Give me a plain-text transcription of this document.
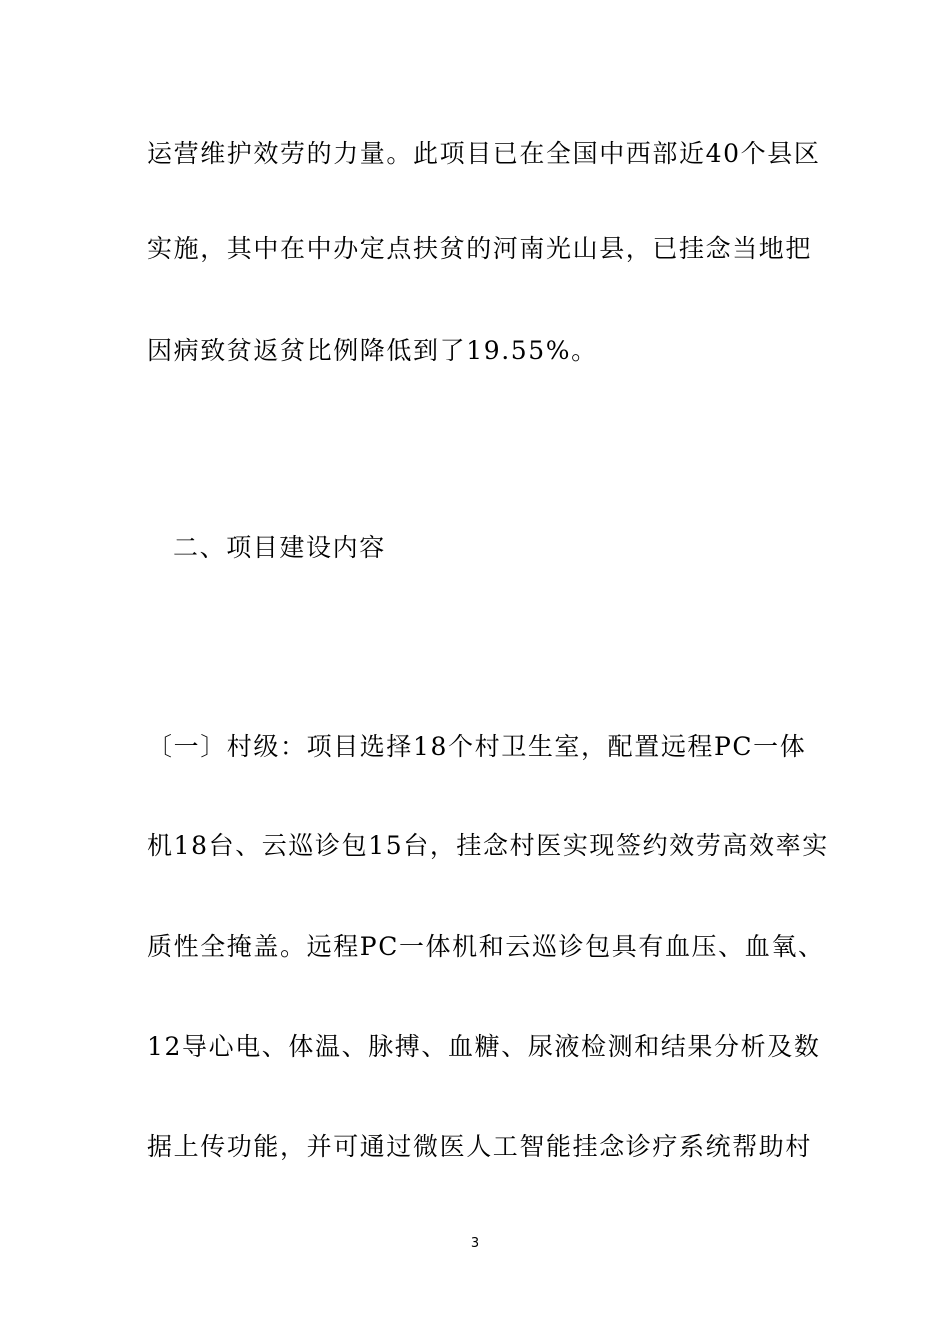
运营维护效劳的力量。此项目已在全国中西部近40个县区
实施，其中在中办定点扶贫的河南光山县，已挂念当地把
因病致贫返贫比例降低到了19.55%。
二、项目建设内容
〔一〕村级：项目选择18个村卫生室，配置远程PC一体
机18台、云巡诊包15台，挂念村医实现签约效劳高效率实
质性全掩盖。远程PC一体机和云巡诊包具有血压、血氧、
12导心电、体温、脉搏、血糖、尿液检测和结果分析及数
据上传功能，并可通过微医人工智能挂念诊疗系统帮助村
3
